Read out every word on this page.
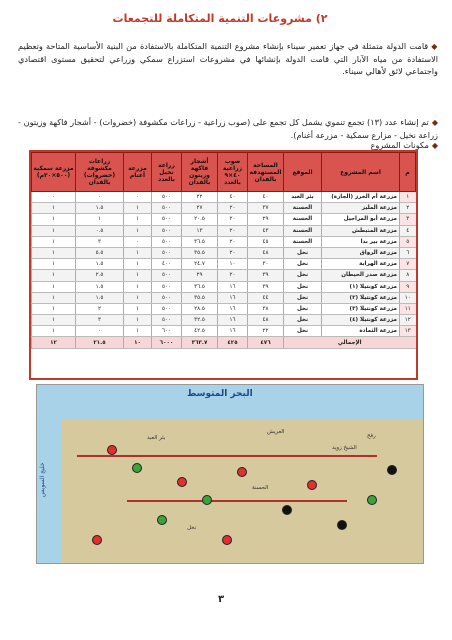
٢) مشروعات التنمية المتكاملة للتجمعات
◆قامت الدولة متمثلة في جهاز تعمير سيناء بإنشاء مشروع التنمية المتكاملة بالاستفادة من البنية الأساسية المتاحة وتعظيم الاستفادة من مياه الآبار التي قامت الدولة بإنشائها في مشروعات استزراع سمكي وزراعي لتحقيق مستوى اقتصادي واجتماعي لائق لأهالي سيناء.
◆تم إنشاء عدد (١٣) تجمع تنموي يشمل كل تجمع على (صوب زراعية - زراعات مكشوفة (خضروات) - أشجار فاكهة وزيتون - زراعة نخيل - مزارع سمكية - مزرعة أغنام).
◆مكونات المشروع
م	اسم المشروع	الموقع	المساحة المستهدفة بالفدان	صوب زراعية ٤٠×٩ بالعدد	أشجار فاكهة وزيتون بالفدان	زراعة نخيل بالعدد	مزرعة أغنام	زراعات مكشوفة (خضروات) بالفدان	مزرعة سمكية (٥٠٠×٢٠م)
١	مزرعة أم الخرز (الجارة)	بئر العبد	٤٠	٤٠	٢٢	٥٠٠	٠	٠	٠
٢	مزرعة المليز	الحسنة	٣٧	٢٠	٢٧	٥٠٠	١	١.٥	١
٣	مزرعة أبو المراجيل	الحسنة	٢٩	٢٠	٢٠.٥	٥٠٠	١	١	١
٤	مزرعة المنبطش	الحسنة	٤٣	٢٠	١٣	٥٠٠	١	٠.٥	١
٥	مزرعة بير بدا	الحسنة	٤٥	٢٠	٣٦.٥	٥٠٠	٠	٣	١
٦	مزرعة الرواق	نخل	٤٨	٢٠	٣٥.٥	٥٠٠	١	٥.٥	١
٧	مزرعة الهرابة	نخل	٣٠	١٠	٢٤.٧	٤٠٠	١	١.٥	١
٨	مزرعة صدر الحيطان	نخل	٣٩	٢٠	٢٩	٥٠٠	١	٢.٥	١
٩	مزرعة كونتيلا (١)	نخل	٣٩	١٦	٣٦.٥	٥٠٠	١	١.٥	١
١٠	مزرعة كونتيلا (٢)	نخل	٤٤	١٦	٣٥.٥	٥٠٠	١	١.٥	١
١١	مزرعة كونتيلا (٣)	نخل	٣٨	١٦	٢٨.٥	٥٠٠	١	٢	١
١٢	مزرعة كونتيلا (٤)	نخل	٤٨	١٦	٣٢.٥	٥٠٠	١	٣	١
١٣	مزرعة الثمادة	نخل	٢٢	١٦	٤٢.٥	٦٠٠	١	٠	١
الإجمالي			٤٧٦	٤٢٥	٣٦٣.٧	٦٠٠٠	١٠	٢١.٥	١٢
البحر المتوسط
خليج السويس
العريش
بئر العبد
الحسنة
نخل
رفح
الشيخ زويد
٣
